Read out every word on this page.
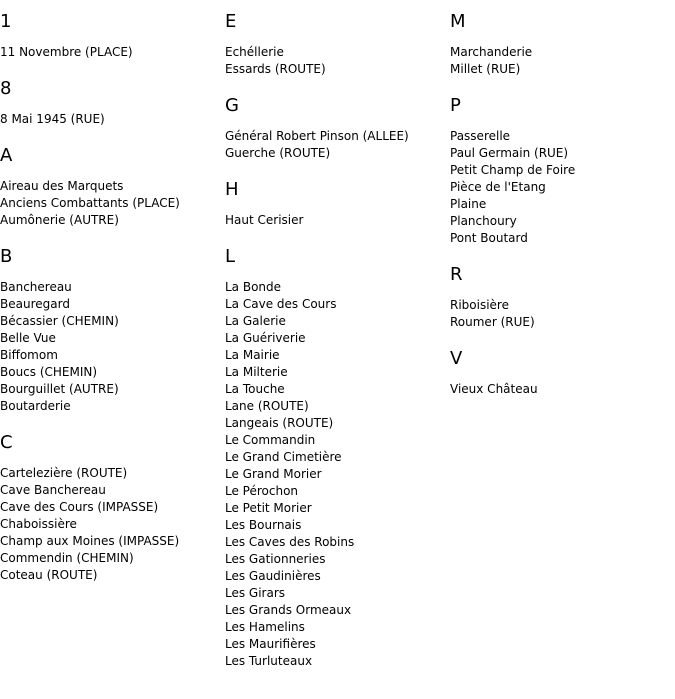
1
11 Novembre (PLACE)
8
8 Mai 1945 (RUE)
A
Aireau des Marquets
Anciens Combattants (PLACE)
Aumônerie (AUTRE)
B
Banchereau
Beauregard
Bécassier (CHEMIN)
Belle Vue
Biffomom
Boucs (CHEMIN)
Bourguillet (AUTRE)
Boutarderie
C
Cartelezière (ROUTE)
Cave Banchereau
Cave des Cours (IMPASSE)
Chaboissière
Champ aux Moines (IMPASSE)
Commendin (CHEMIN)
Coteau (ROUTE)
E
Echéllerie
Essards (ROUTE)
G
Général Robert Pinson (ALLEE)
Guerche (ROUTE)
H
Haut Cerisier
L
La Bonde
La Cave des Cours
La Galerie
La Guériverie
La Mairie
La Milterie
La Touche
Lane (ROUTE)
Langeais (ROUTE)
Le Commandin
Le Grand Cimetière
Le Grand Morier
Le Pérochon
Le Petit Morier
Les Bournais
Les Caves des Robins
Les Gationneries
Les Gaudinières
Les Girars
Les Grands Ormeaux
Les Hamelins
Les Maurifières
Les Turluteaux
M
Marchanderie
Millet (RUE)
P
Passerelle
Paul Germain (RUE)
Petit Champ de Foire
Pièce de l'Etang
Plaine
Planchoury
Pont Boutard
R
Riboisière
Roumer (RUE)
V
Vieux Château
